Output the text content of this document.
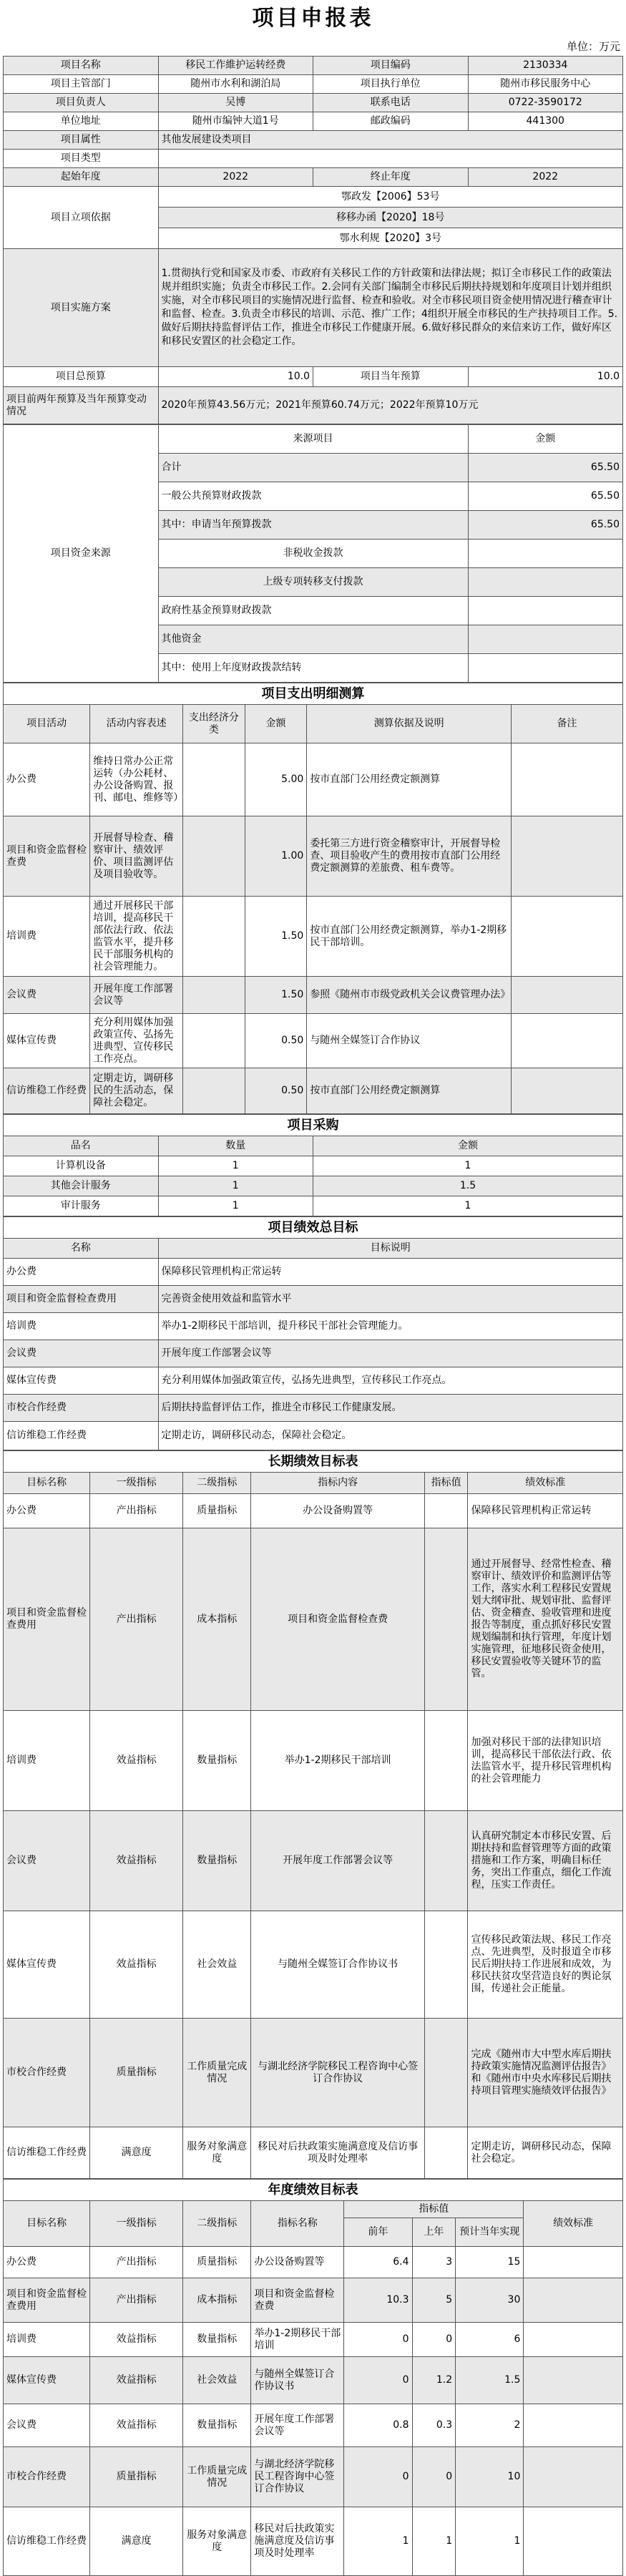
项目申报表
单位：万元
项目名称	移民工作維护运转经费	项目编码	2130334
项目主管部门	随州市水利和湖泊局	项目执行单位	随州市移民服务中心
项目负责人	吴博	联系电话	0722-3590172
单位地址	随州市编钟大道1号	邮政编码	441300
项目属性	其他发展建设类项目		
项目类型			
起始年度	2022	终止年度	2022
项目立项依据	鄂政发【2006】53号		
	移移办函【2020】18号		
	鄂水利规【2020】3号		
项目实施方案	1.贯彻执行党和国家及市委、市政府有关移民工作的方针政策和法律法规；拟订全市移民工作的政策法规并组织实施；负责全市移民工作。2.会同有关部门编制全市移民后期扶持规划和年度项目计划并组织实施，对全市移民项目的实施情况进行监督、检查和验收。对全市移民项目资金使用情况进行稽查审计和监督、检查。3.负责全市移民的培训、示范、推广工作；4组织开展全市移民的生产扶持项目工作。5.做好后期扶持监督评估工作，推进全市移民工作健康开展。6.做好移民群众的来信来访工作，做好库区和移民安置区的社会稳定工作。		
项目总预算	10.0	项目当年预算	10.0
项目前两年预算及当年预算变动情况	2020年预算43.56万元；2021年预算60.74万元；2022年预算10万元		
项目资金来源	来源项目	金额
	合计	65.50
	一般公共预算财政拨款	65.50
	其中：申请当年预算拨款	65.50
	非税收金拨款	
	上级专项转移支付拨款	
	政府性基金预算财政拨款	
	其他资金	
	其中：使用上年度财政拨款结转	
项目支出明细测算					
项目活动	活动内容表述	支出经济分类	金额	测算依据及说明	备注
办公费	维持日常办公正常运转（办公耗材、办公设备购置、报刊、邮电、维修等）		5.00	按市直部门公用经费定额测算	
项目和资金监督检查费	开展督导检查、稽察审计、绩效评价、项目监测评估及项目验收等。		1.00	委托第三方进行资金稽察审计，开展督导检查、项目验收产生的费用按市直部门公用经费定额测算的差旅费、租车费等。	
培训费	通过开展移民干部培训，提高移民干部依法行政、依法监管水平，提升移民干部服务机构的社会管理能力。		1.50	按市直部门公用经费定额测算，举办1-2期移民干部培训。	
会议费	开展年度工作部署会议等		1.50	参照《随州市市级党政机关会议费管理办法》	
媒体宣传费	充分利用媒体加强政策宣传、弘扬先进典型、宣传移民工作亮点。		0.50	与随州全媒签订合作协议	
信访维稳工作经费	定期走访，调研移民的生活动态，保障社会稳定。		0.50	按市直部门公用经费定额测算	
项目采购		
品名	数量	金额
计算机设备	1	1
其他会计服务	1	1.5
审计服务	1	1
项目绩效总目标	
名称	目标说明
办公费	保障移民管理机构正常运转
项目和资金监督检查费用	完善资金使用效益和监管水平
培训费	举办1-2期移民干部培训，提升移民干部社会管理能力。
会议费	开展年度工作部署会议等
媒体宣传费	充分利用媒体加强政策宣传，弘扬先进典型，宣传移民工作亮点。
市校合作经费	后期扶持监督评估工作，推进全市移民工作健康发展。
信访维稳工作经费	定期走访，调研移民动态，保障社会稳定。
长期绩效目标表					
目标名称	一级指标	二级指标	指标内容	指标值	绩效标准
办公费	产出指标	质量指标	办公设备购置等		保障移民管理机构正常运转
项目和资金监督检查费用	产出指标	成本指标	项目和资金监督检查费		通过开展督导、经常性检查、稽察审计、绩效评价和监测评估等工作，落实水利工程移民安置规划大纲审批、规划审批、监督评估、资金稽查、验收管理和进度报告等制度，重点抓好移民安置规划编制和执行管理，年度计划实施管理，征地移民资金使用，移民安置验收等关键环节的监管。
培训费	效益指标	数量指标	举办1-2期移民干部培训		加强对移民干部的法律知识培训，提高移民干部依法行政、依法监管水平，提升移民管理机构的社会管理能力
会议费	效益指标	数量指标	开展年度工作部署会议等		认真研究制定本市移民安置、后期扶持和监督管理等方面的政策措施和工作方案，明确目标任务，突出工作重点，细化工作流程，压实工作责任。
媒体宣传费	效益指标	社会效益	与随州全媒签订合作协议书		宣传移民政策法规、移民工作亮点、先进典型，及时报道全市移民后期扶持工作进展和成效，为移民扶贫攻坚营造良好的舆论氛围，传递社会正能量。
市校合作经费	质量指标	工作质量完成情况	与湖北经济学院移民工程咨询中心签订合作协议		完成《随州市大中型水库后期扶持政策实施情况监测评估报告》和《随州市中央水库移民后期扶持项目管理实施绩效评估报告》
信访维稳工作经费	满意度	服务对象满意度	移民对后扶政策实施满意度及信访事项及时处理率		定期走访，调研移民动态，保障社会稳定。
年度绩效目标表							
目标名称	一级指标	二级指标	指标名称	指标值			绩效标准
				前年	上年	预计当年实现	
办公费	产出指标	质量指标	办公设备购置等	6.4	3	15	
项目和资金监督检查费用	产出指标	成本指标	项目和资金监督检查费	10.3	5	30	
培训费	效益指标	数量指标	举办1-2期移民干部培训	0	0	6	
媒体宣传费	效益指标	社会效益	与随州全媒签订合作协议书	0	1.2	1.5	
会议费	效益指标	数量指标	开展年度工作部署会议等	0.8	0.3	2	
市校合作经费	质量指标	工作质量完成情况	与湖北经济学院移民工程咨询中心签订合作协议	0	0	10	
信访维稳工作经费	满意度	服务对象满意度	移民对后扶政策实施满意度及信访事项及时处理率	1	1	1	
